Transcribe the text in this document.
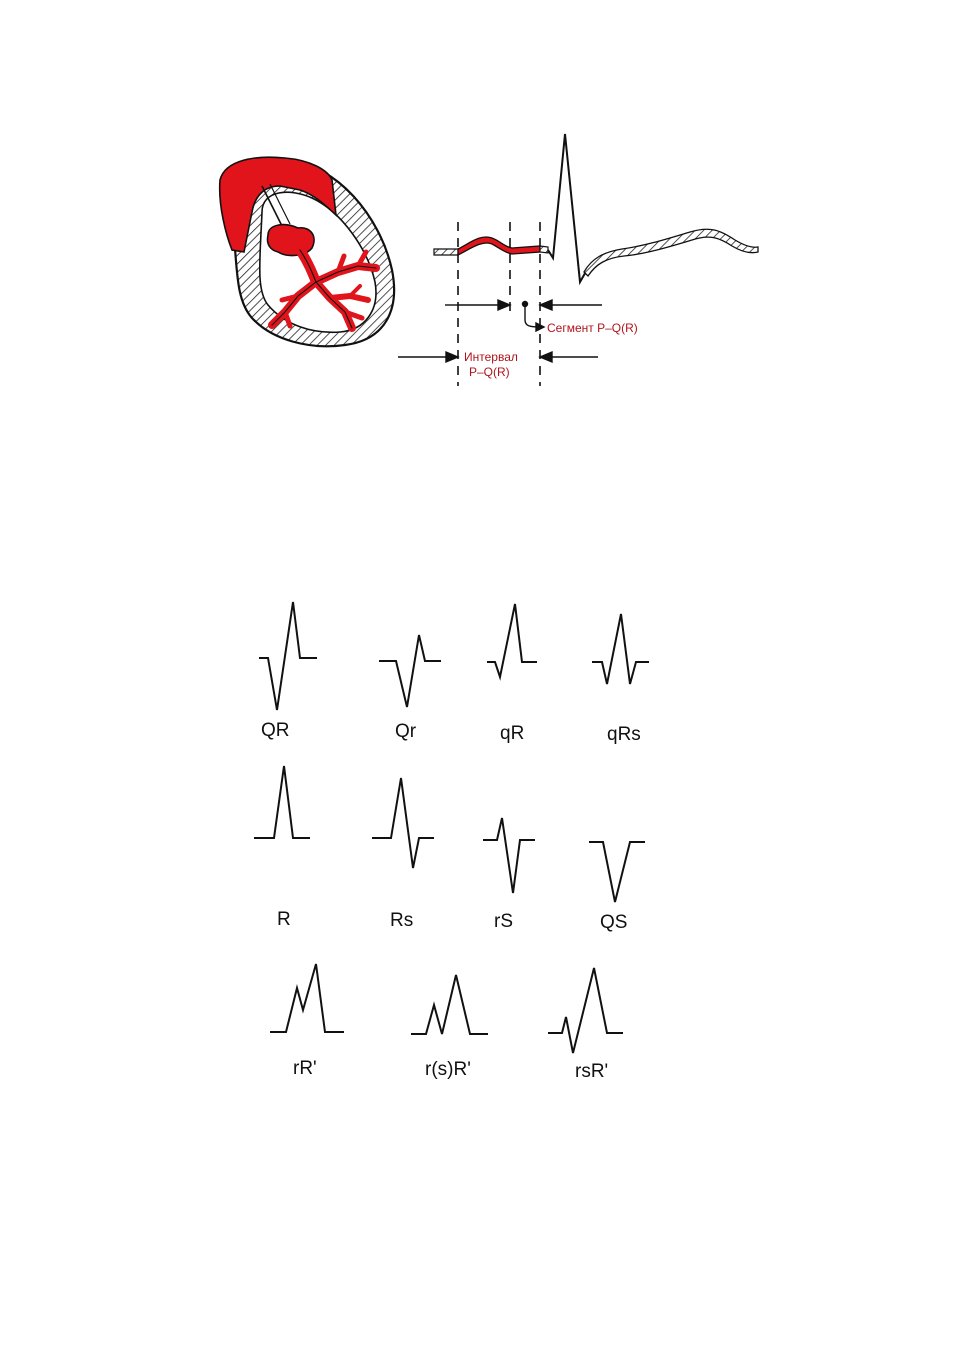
Сегмент P–Q(R)
Интервал
P–Q(R)
QR	Qr	qR	qRs
R	Rs	rS	QS
rR'	r(s)R'	rsR'
